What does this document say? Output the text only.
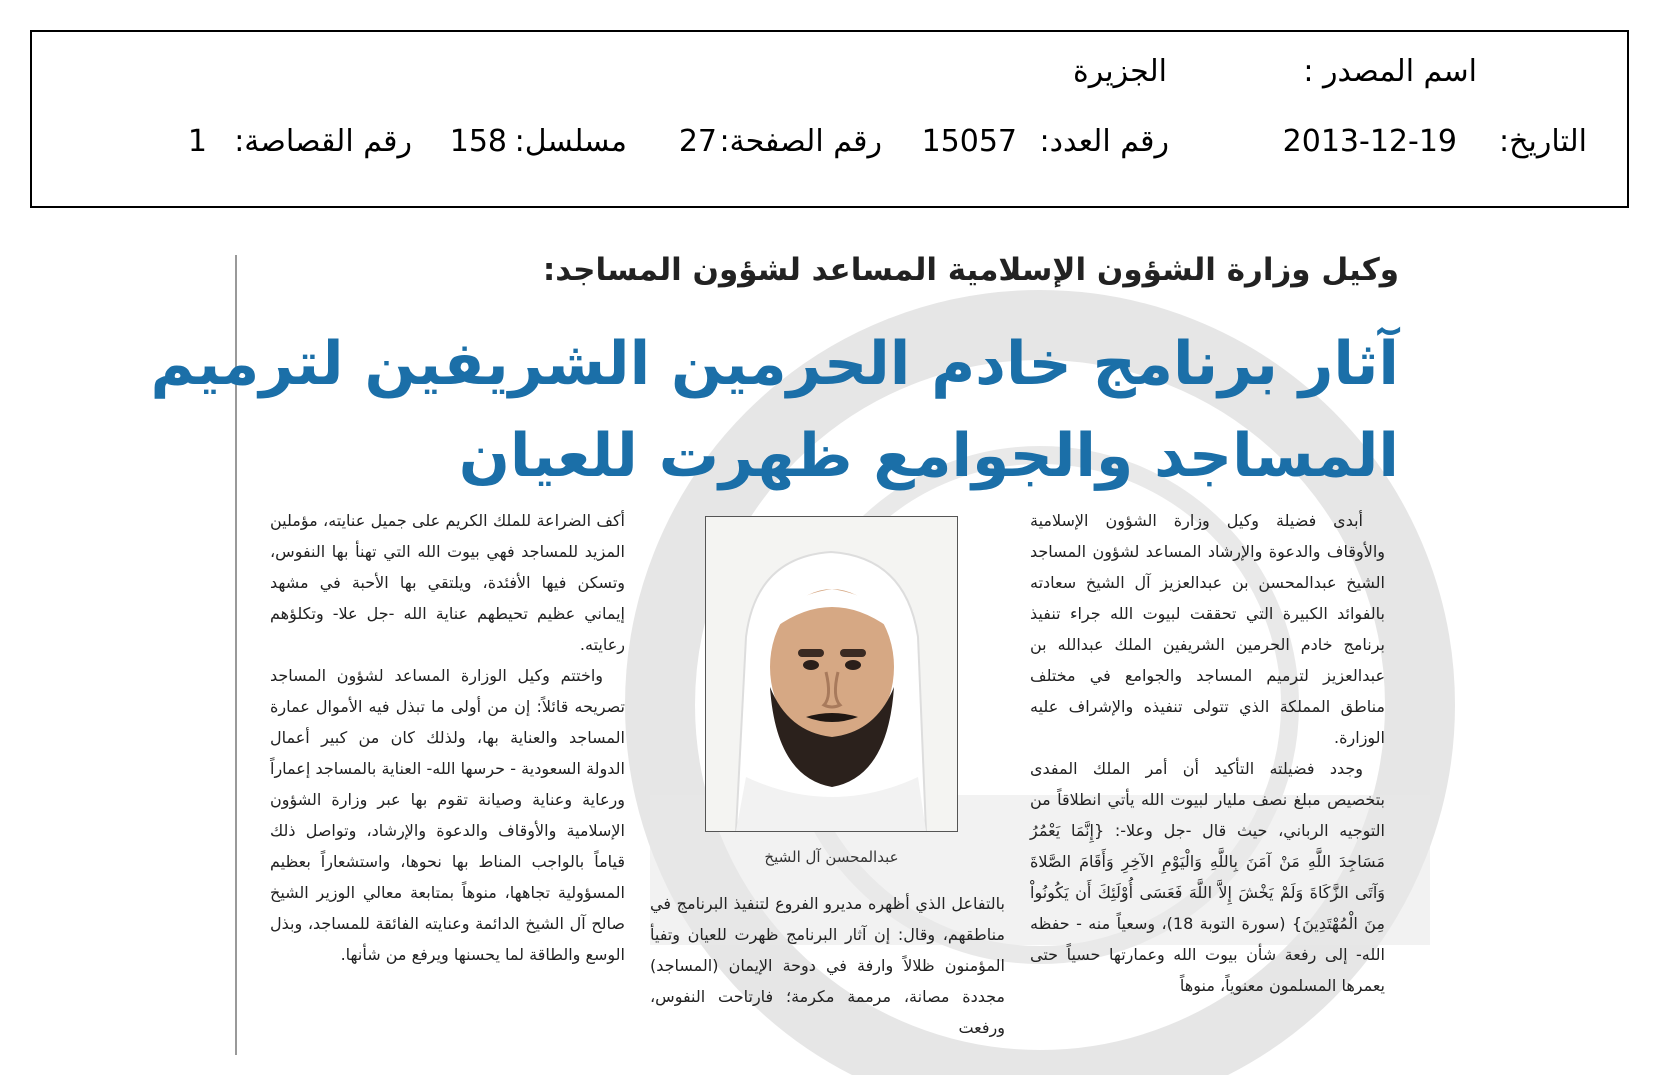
اسم المصدر :
الجزيرة
التاريخ:
2013-12-19
رقم العدد:
15057
رقم الصفحة:
27
مسلسل:
158
رقم القصاصة:
1
وكيل وزارة الشؤون الإسلامية المساعد لشؤون المساجد:
آثار برنامج خادم الحرمين الشريفين لترميم
المساجد والجوامع ظهرت للعيان

أبدى فضيلة وكيل وزارة الشؤون الإسلامية والأوقاف والدعوة والإرشاد المساعد لشؤون المساجد الشيخ عبدالمحسن بن عبدالعزيز آل الشيخ سعادته بالفوائد الكبيرة التي تحققت لبيوت الله جراء تنفيذ برنامج خادم الحرمين الشريفين الملك عبدالله بن عبدالعزيز لترميم المساجد والجوامع في مختلف مناطق المملكة الذي تتولى تنفيذه والإشراف عليه الوزارة.

وجدد فضيلته التأكيد أن أمر الملك المفدى بتخصيص مبلغ نصف مليار لبيوت الله يأتي انطلاقاً من التوجيه الرباني، حيث قال -جل وعلا-: {إِنَّمَا يَعْمُرُ مَسَاجِدَ اللَّهِ مَنْ آمَنَ بِاللَّهِ وَالْيَوْمِ الآخِرِ وَأَقَامَ الصَّلاةَ وَآتَى الزَّكَاةَ وَلَمْ يَخْشَ إِلاَّ اللَّهَ فَعَسَى أُوْلَئِكَ أَن يَكُونُواْ مِنَ الْمُهْتَدِينَ} (سورة التوبة 18)، وسعياً منه - حفظه الله- إلى رفعة شأن بيوت الله وعمارتها حسياً حتى يعمرها المسلمون معنوياً، منوهاً

عبدالمحسن آل الشيخ

بالتفاعل الذي أظهره مديرو الفروع لتنفيذ البرنامج في مناطقهم، وقال: إن آثار البرنامج ظهرت للعيان وتفيأ المؤمنون ظلالاً وارفة في دوحة الإيمان (المساجد) مجددة مصانة، مرممة مكرمة؛ فارتاحت النفوس، ورفعت

أكف الضراعة للملك الكريم على جميل عنايته، مؤملين المزيد للمساجد فهي بيوت الله التي تهنأ بها النفوس، وتسكن فيها الأفئدة، ويلتقي بها الأحبة في مشهد إيماني عظيم تحيطهم عناية الله -جل علا- وتكلؤهم رعايته.

واختتم وكيل الوزارة المساعد لشؤون المساجد تصريحه قائلاً: إن من أولى ما تبذل فيه الأموال عمارة المساجد والعناية بها، ولذلك كان من كبير أعمال الدولة السعودية - حرسها الله- العناية بالمساجد إعماراً ورعاية وعناية وصيانة تقوم بها عبر وزارة الشؤون الإسلامية والأوقاف والدعوة والإرشاد، وتواصل ذلك قياماً بالواجب المناط بها نحوها، واستشعاراً بعظيم المسؤولية تجاهها، منوهاً بمتابعة معالي الوزير الشيخ صالح آل الشيخ الدائمة وعنايته الفائقة للمساجد، وبذل الوسع والطاقة لما يحسنها ويرفع من شأنها.
